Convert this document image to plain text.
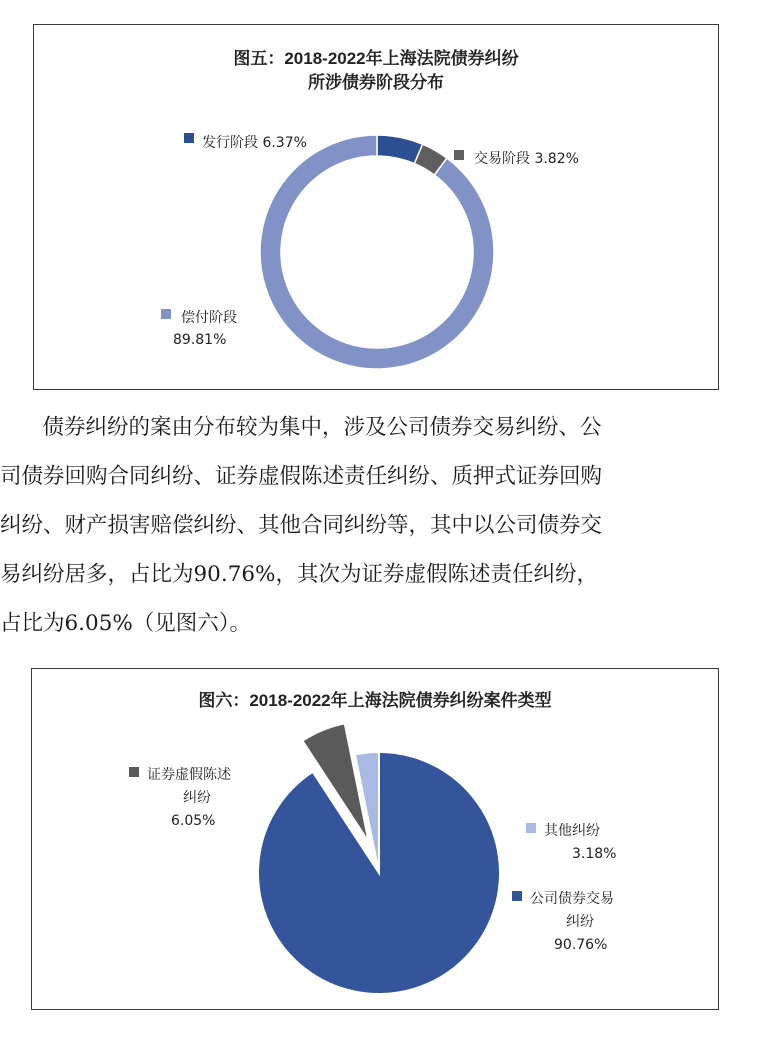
图五：2018-2022年上海法院债券纠纷
所涉债券阶段分布
发行阶段 6.37%
交易阶段 3.82%
偿付阶段
89.81%
　债券纠纷的案由分布较为集中，涉及公司债券交易纠纷、公
司债券回购合同纠纷、证券虚假陈述责任纠纷、质押式证券回购
纠纷、财产损害赔偿纠纷、其他合同纠纷等，其中以公司债券交
易纠纷居多，占比为90.76%，其次为证券虚假陈述责任纠纷，
占比为6.05%（见图六）。
图六：2018-2022年上海法院债券纠纷案件类型
公司债券交易
纠纷
90.76%
证券虚假陈述
纠纷
6.05%
其他纠纷
3.18%
